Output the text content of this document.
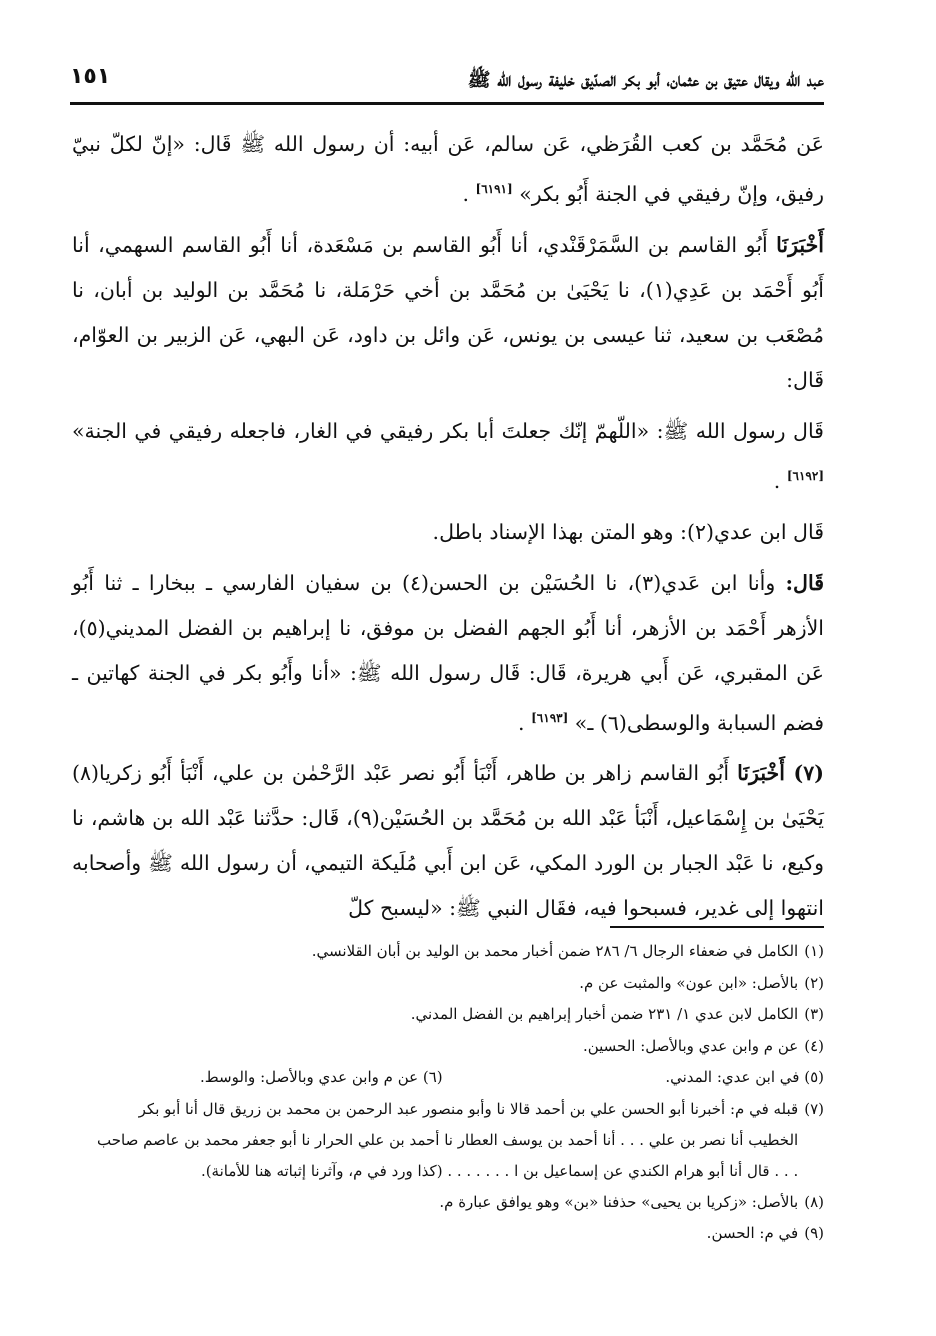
عبد الله ويقال عتيق بن عثمان، أبو بكر الصدّيق خليفة رسول الله ﷺ
١٥١

عَن مُحَمَّد بن كعب القُرَظي، عَن سالم، عَن أبيه: أن رسول الله ﷺ قَال: «إنّ لكلّ نبيّ رفيق، وإنّ رفيقي في الجنة أَبُو بكر» [٦١٩١] .

أَخْبَرَنَا أَبُو القاسم بن السَّمَرْقَنْدي، أنا أَبُو القاسم بن مَسْعَدة، أنا أَبُو القاسم السهمي، أنا أَبُو أَحْمَد بن عَدِي(١)، نا يَحْيَىٰ بن مُحَمَّد بن أخي حَرْمَلة، نا مُحَمَّد بن الوليد بن أبان، نا مُصْعَب بن سعيد، ثنا عيسى بن يونس، عَن وائل بن داود، عَن البهي، عَن الزبير بن العوّام، قَال:

قَال رسول الله ﷺ: «اللّهمّ إنّك جعلتَ أبا بكر رفيقي في الغار، فاجعله رفيقي في الجنة» [٦١٩٢] .

قَال ابن عدي(٢): وهو المتن بهذا الإسناد باطل.

قَال: وأنا ابن عَدي(٣)، نا الحُسَيْن بن الحسن(٤) بن سفيان الفارسي ـ ببخارا ـ ثنا أَبُو الأزهر أَحْمَد بن الأزهر، أنا أَبُو الجهم الفضل بن موفق، نا إبراهيم بن الفضل المديني(٥)، عَن المقبري، عَن أَبي هريرة، قَال: قَال رسول الله ﷺ: «أنا وأَبُو بكر في الجنة كهاتين ـ فضم السبابة والوسطى(٦) ـ» [٦١٩٣] .

(٧) أَخْبَرَنَا أَبُو القاسم زاهر بن طاهر، أَنْبَأ أَبُو نصر عَبْد الرَّحْمٰن بن علي، أَنْبَأ أَبُو زكريا(٨) يَحْيَىٰ بن إِسْمَاعيل، أَنْبَأ عَبْد الله بن مُحَمَّد بن الحُسَيْن(٩)، قَال: حدَّثنا عَبْد الله بن هاشم، نا وكيع، نا عَبْد الجبار بن الورد المكي، عَن ابن أَبي مُلَيكة التيمي، أن رسول الله ﷺ وأصحابه انتهوا إلى غدير، فسبحوا فيه، فقَال النبي ﷺ: «ليسبح كلّ

(١)
الكامل في ضعفاء الرجال ٦/ ٢٨٦ ضمن أخبار محمد بن الوليد بن أبان القلانسي.

(٢)
بالأصل: «ابن عون» والمثبت عن م.

(٣)
الكامل لابن عدي ١/ ٢٣١ ضمن أخبار إبراهيم بن الفضل المدني.

(٤)
عن م وابن عدي وبالأصل: الحسين.

(٥) في ابن عدي: المدني.
(٦) عن م وابن عدي وبالأصل: والوسط.

(٧)
قبله في م: أخبرنا أبو الحسن علي بن أحمد قالا نا وأبو منصور عبد الرحمن بن محمد بن زريق قال أنا أبو بكر الخطيب أنا نصر بن علي . . . أنا أحمد بن يوسف العطار نا أحمد بن علي الحرار نا أبو جعفر محمد بن عاصم صاحب . . . قال أنا أبو هرام الكندي عن إسماعيل بن ا . . . . . . . (كذا ورد في م، وآثرنا إثباته هنا للأمانة).

(٨)
بالأصل: «زكريا بن يحيى» حذفنا «بن» وهو يوافق عبارة م.

(٩)
في م: الحسن.
